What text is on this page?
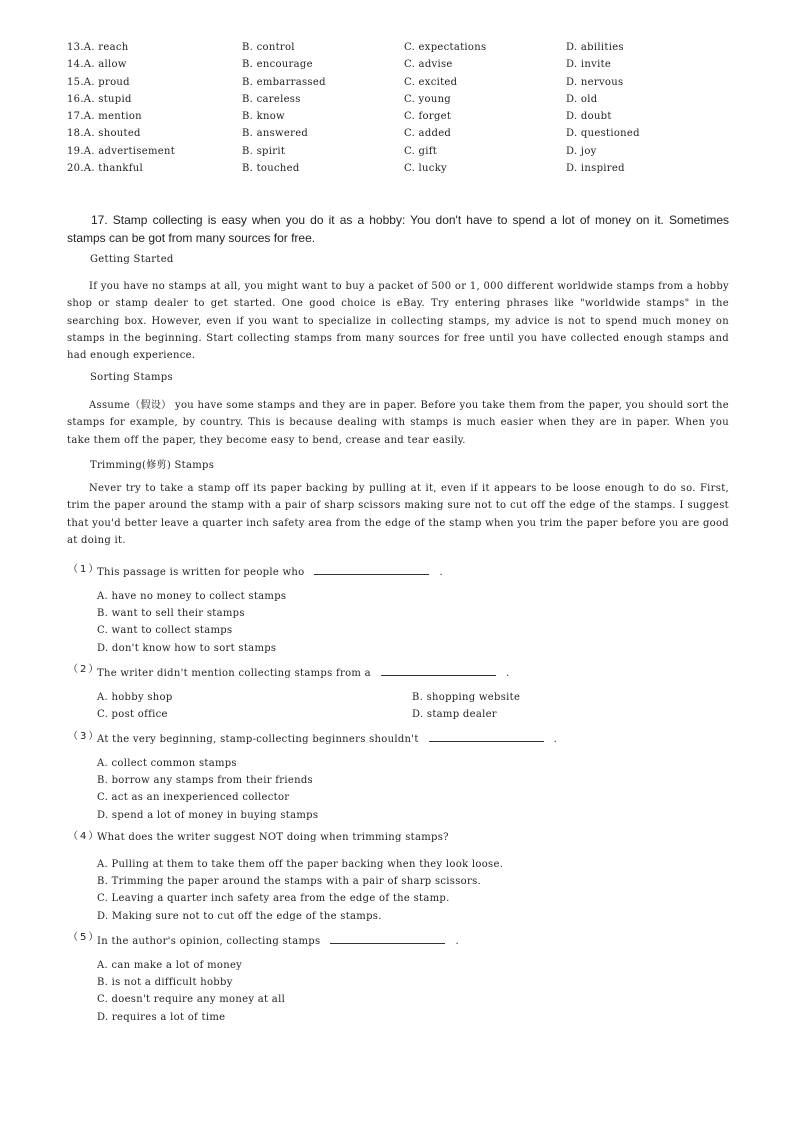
13.A. reach	B. control	C. expectations	D. abilities
14.A. allow	B. encourage	C. advise	D. invite
15.A. proud	B. embarrassed	C. excited	D. nervous
16.A. stupid	B. careless	C. young	D. old
17.A. mention	B. know	C. forget	D. doubt
18.A. shouted	B. answered	C. added	D. questioned
19.A. advertisement	B. spirit	C. gift	D. joy
20.A. thankful	B. touched	C. lucky	D. inspired
17. Stamp collecting is easy when you do it as a hobby: You don't have to spend a lot of money on it. Sometimes stamps can be got from many sources for free.
Getting Started
If you have no stamps at all, you might want to buy a packet of 500 or 1, 000 different worldwide stamps from a hobby shop or stamp dealer to get started. One good choice is eBay. Try entering phrases like "worldwide stamps" in the searching box. However, even if you want to specialize in collecting stamps, my advice is not to spend much money on stamps in the beginning. Start collecting stamps from many sources for free until you have collected enough stamps and had enough experience.
Sorting Stamps
Assume（假设） you have some stamps and they are in paper. Before you take them from the paper, you should sort the stamps for example, by country. This is because dealing with stamps is much easier when they are in paper. When you take them off the paper, they become easy to bend, crease and tear easily.
Trimming(修剪) Stamps
Never try to take a stamp off its paper backing by pulling at it, even if it appears to be loose enough to do so. First, trim the paper around the stamp with a pair of sharp scissors making sure not to cut off the edge of the stamps. I suggest that you'd better leave a quarter inch safety area from the edge of the stamp when you trim the paper before you are good at doing it.
（1）
This passage is written for people who	.
A. have no money to collect stamps
B. want to sell their stamps
C. want to collect stamps
D. don't know how to sort stamps
（2）
The writer didn't mention collecting stamps from a	.
A. hobby shop	B. shopping website
C. post office	D. stamp dealer
（3）
At the very beginning, stamp-collecting beginners shouldn't	.
A. collect common stamps
B. borrow any stamps from their friends
C. act as an inexperienced collector
D. spend a lot of money in buying stamps
（4）
What does the writer suggest NOT doing when trimming stamps?
A. Pulling at them to take them off the paper backing when they look loose.
B. Trimming the paper around the stamps with a pair of sharp scissors.
C. Leaving a quarter inch safety area from the edge of the stamp.
D. Making sure not to cut off the edge of the stamps.
（5）
In the author's opinion, collecting stamps	.
A. can make a lot of money
B. is not a difficult hobby
C. doesn't require any money at all
D. requires a lot of time
